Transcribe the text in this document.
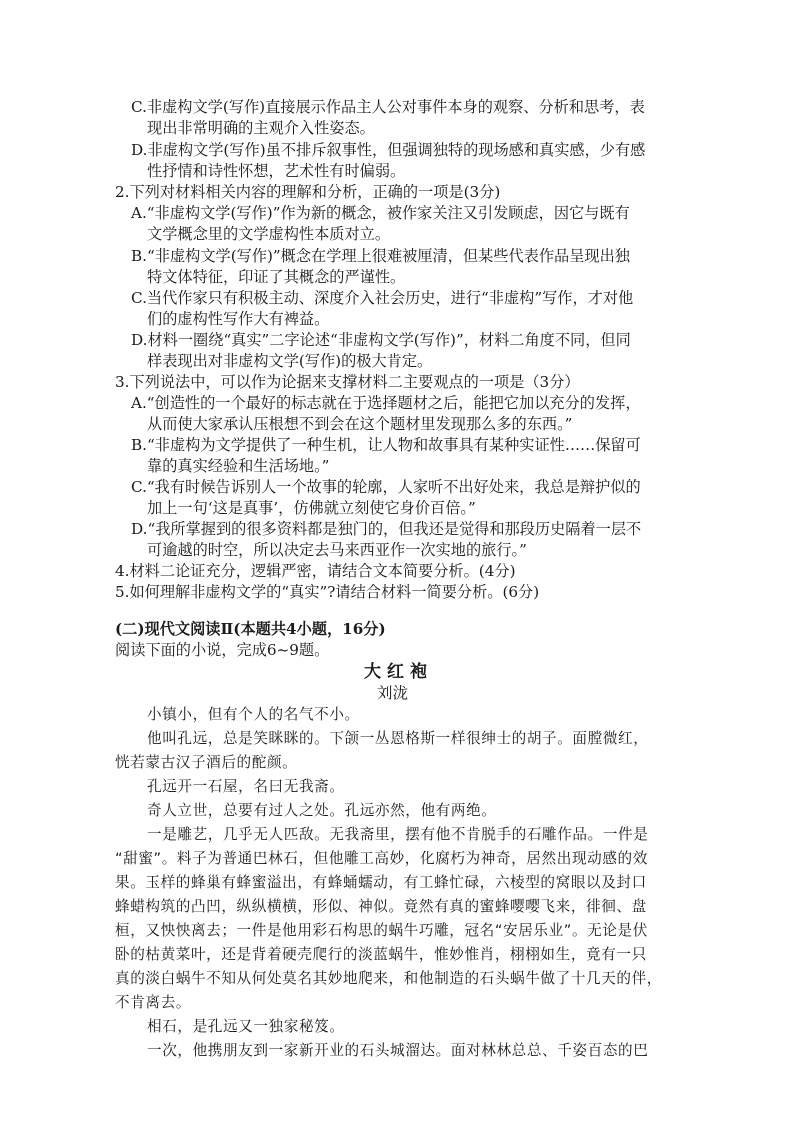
C.非虚构文学(写作)直接展示作品主人公对事件本身的观察、分析和思考，表
现出非常明确的主观介入性姿态。
D.非虚构文学(写作)虽不排斥叙事性，但强调独特的现场感和真实感，少有感
性抒情和诗性怀想，艺术性有时偏弱。
2.下列对材料相关内容的理解和分析，正确的一项是(3分)
A.“非虚构文学(写作)”作为新的概念，被作家关注又引发顾虑，因它与既有
文学概念里的文学虚构性本质对立。
B.“非虚构文学(写作)”概念在学理上很难被厘清，但某些代表作品呈现出独
特文体特征，印证了其概念的严谨性。
C.当代作家只有积极主动、深度介入社会历史，进行“非虚构”写作，才对他
们的虚构性写作大有裨益。
D.材料一圈绕“真实”二字论述“非虚构文学(写作)”，材料二角度不同，但同
样表现出对非虚构文学(写作)的极大肯定。
3.下列说法中，可以作为论据来支撑材料二主要观点的一项是（3分）
A.“创造性的一个最好的标志就在于选择题材之后，能把它加以充分的发挥，
从而使大家承认压根想不到会在这个题材里发现那么多的东西。”
B.“非虚构为文学提供了一种生机，让人物和故事具有某种实证性……保留可
靠的真实经验和生活场地。”
C.“我有时候告诉别人一个故事的轮廓，人家听不出好处来，我总是辩护似的
加上一句‘这是真事’，仿佛就立刻使它身价百倍。”
D.“我所掌握到的很多资料都是独门的，但我还是觉得和那段历史隔着一层不
可逾越的时空，所以决定去马来西亚作一次实地的旅行。”
4.材料二论证充分，逻辑严密，请结合文本简要分析。(4分)
5.如何理解非虚构文学的“真实”?请结合材料一简要分析。(6分)
(二)现代文阅读Ⅱ(本题共4小题，16分)
阅读下面的小说，完成6~9题。
大红袍
刘泷
小镇小，但有个人的名气不小。
他叫孔远，总是笑眯眯的。下颌一丛恩格斯一样很绅士的胡子。面膛微红，
恍若蒙古汉子酒后的酡颜。
孔远开一石屋，名曰无我斋。
奇人立世，总要有过人之处。孔远亦然，他有两绝。
一是雕艺，几乎无人匹敌。无我斋里，摆有他不肯脱手的石雕作品。一件是
“甜蜜”。料子为普通巴林石，但他雕工高妙，化腐朽为神奇，居然出现动感的效
果。玉样的蜂巢有蜂蜜溢出，有蜂蛹蠕动，有工蜂忙碌，六棱型的窝眼以及封口
蜂蜡构筑的凸凹，纵纵横横，形似、神似。竟然有真的蜜蜂嘤嘤飞来，徘徊、盘
桓，又怏怏离去；一件是他用彩石构思的蜗牛巧雕，冠名“安居乐业”。无论是伏
卧的枯黄菜叶，还是背着硬壳爬行的淡蓝蜗牛，惟妙惟肖，栩栩如生，竟有一只
真的淡白蜗牛不知从何处莫名其妙地爬来，和他制造的石头蜗牛做了十几天的伴，
不肯离去。
相石，是孔远又一独家秘笈。
一次，他携朋友到一家新开业的石头城溜达。面对林林总总、千姿百态的巴
